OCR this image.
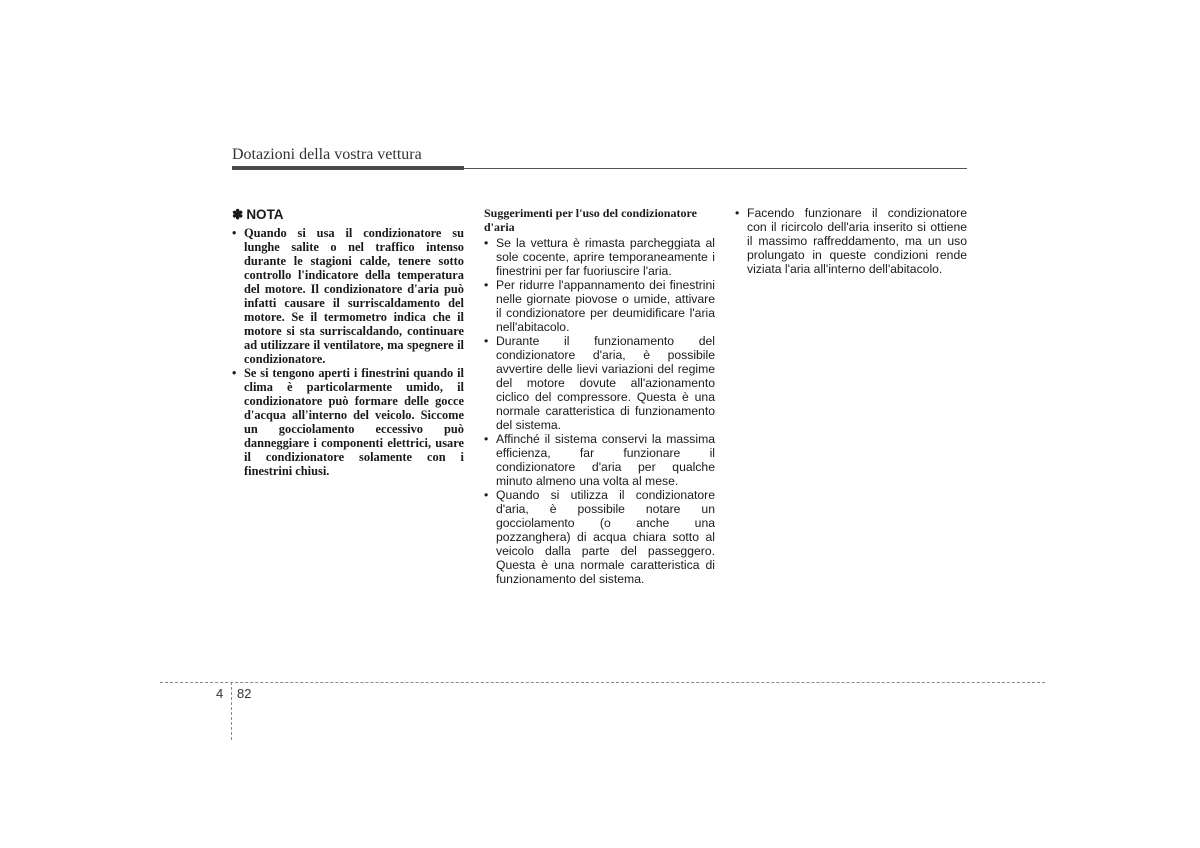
Dotazioni della vostra vettura
✽ NOTA
• Quando si usa il condizionatore su lunghe salite o nel traffico intenso durante le stagioni calde, tenere sotto controllo l'indicatore della temperatura del motore. Il condizionatore d'aria può infatti causare il surriscaldamento del motore. Se il termometro indica che il motore si sta surriscaldando, continuare ad utilizzare il ventilatore, ma spegnere il condizionatore.
• Se si tengono aperti i finestrini quando il clima è particolarmente umido, il condizionatore può formare delle gocce d'acqua all'interno del veicolo. Siccome un gocciolamento eccessivo può danneggiare i componenti elettrici, usare il condizionatore solamente con i finestrini chiusi.
Suggerimenti per l'uso del condizionatore d'aria
• Se la vettura è rimasta parcheggiata al sole cocente, aprire temporaneamente i finestrini per far fuoriuscire l'aria.
• Per ridurre l'appannamento dei finestrini nelle giornate piovose o umide, attivare il condizionatore per deumidificare l'aria nell'abitacolo.
• Durante il funzionamento del condizionatore d'aria, è possibile avvertire delle lievi variazioni del regime del motore dovute all'azionamento ciclico del compressore. Questa è una normale caratteristica di funzionamento del sistema.
• Affinché il sistema conservi la massima efficienza, far funzionare il condizionatore d'aria per qualche minuto almeno una volta al mese.
• Quando si utilizza il condizionatore d'aria, è possibile notare un gocciolamento (o anche una pozzanghera) di acqua chiara sotto al veicolo dalla parte del passeggero. Questa è una normale caratteristica di funzionamento del sistema.
• Facendo funzionare il condizionatore con il ricircolo dell'aria inserito si ottiene il massimo raffreddamento, ma un uso prolungato in queste condizioni rende viziata l'aria all'interno dell'abitacolo.
4 82
